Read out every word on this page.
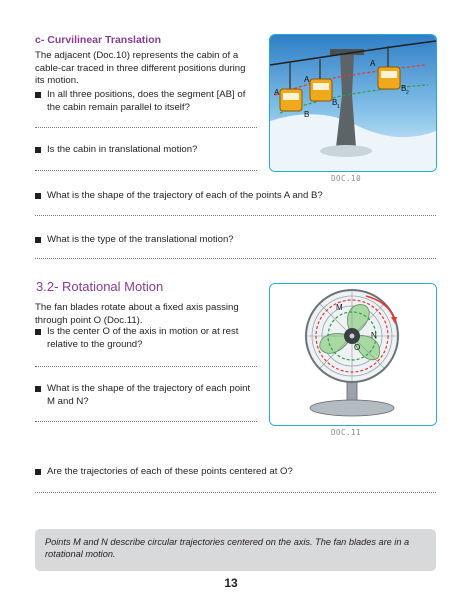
c- Curvilinear Translation
The adjacent (Doc.10) represents the cabin of a cable-car traced in three different positions during its motion.
In all three positions, does the segment [AB] of the cabin remain parallel to itself?
Is the cabin in translational motion?
What is the shape of the trajectory of each of the points A and B?
What is the type of the translational motion?
A
B
A
B 1
A
B 2
DOC.10
3.2- Rotational Motion
The fan blades rotate about a fixed axis passing through point O (Doc.11).
Is the center O of the axis in motion or at rest relative to the ground?
What is the shape of the trajectory of each point M and N?
Are the trajectories of each of these points centered at O?
M
N
O
DOC.11
Points M and N describe circular trajectories centered on the axis. The fan blades are in a rotational motion.
13
